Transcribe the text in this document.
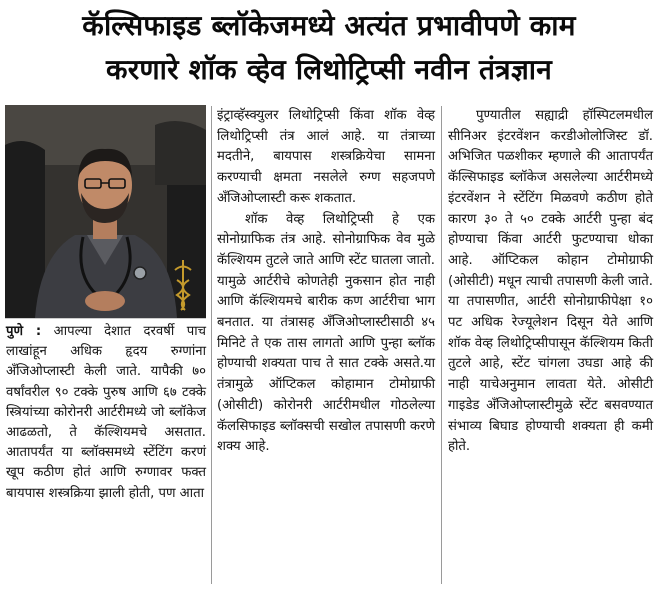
कॅल्सिफाइड ब्लॉकेजमध्ये अत्यंत प्रभावीपणे काम
करणारे शॉक व्हेव लिथोट्रिप्सी नवीन तंत्रज्ञान

पुणे : आपल्या देशात दरवर्षी पाच लाखांहून अधिक हृदय रुग्णांना अँजिओप्लास्टी केली जाते. यापैकी ७० वर्षांवरील ९० टक्के पुरुष आणि ६७ टक्के स्त्रियांच्या कोरोनरी आर्टरीमध्ये जो ब्लॉकेज आढळतो, ते कॅल्शियमचे असतात. आतापर्यंत या ब्लॉक्समध्ये स्टेंटिंग करणं खूप कठीण होतं आणि रुग्णावर फक्त बायपास शस्त्रक्रिया झाली होती, पण आता

इंट्राव्हॅस्क्युलर लिथोट्रिप्सी किंवा शॉक वेव्ह लिथोट्रिप्सी तंत्र आलं आहे. या तंत्राच्या मदतीने, बायपास शस्त्रक्रियेचा सामना करण्याची क्षमता नसलेले रुग्ण सहजपणे अँजिओप्लास्टी करू शकतात.

शॉक वेव्ह लिथोट्रिप्सी हे एक सोनोग्राफिक तंत्र आहे. सोनोग्राफिक वेव मुळे कॅल्शियम तुटले जाते आणि स्टेंट घातला जातो. यामुळे आर्टरीचे कोणतेही नुकसान होत नाही आणि कॅल्शियमचे बारीक कण आर्टरीचा भाग बनतात. या तंत्रासह अँजिओप्लास्टीसाठी ४५ मिनिटे ते एक तास लागतो आणि पुन्हा ब्लॉक होण्याची शक्यता पाच ते सात टक्के असते.या तंत्रामुळे ऑप्टिकल कोहामान टोमोग्राफी (ओसीटी) कोरोनरी आर्टरीमधील गोठलेल्या कॅलसिफाइड ब्लॉक्सची सखोल तपासणी करणे शक्य आहे.

पुण्यातील सह्याद्री हॉस्पिटलमधील सीनिअर इंटरवेंशन करडीओलोजिस्ट डॉ. अभिजित पळशीकर म्हणाले की आतापर्यंत कॅल्सिफाइड ब्लॉकेज असलेल्या आर्टरीमध्ये इंटरवेंशन ने स्टेंटिंग मिळवणे कठीण होते कारण ३० ते ५० टक्के आर्टरी पुन्हा बंद होण्याचा किंवा आर्टरी फुटण्याचा धोका आहे. ऑप्टिकल कोहान टोमोग्राफी (ओसीटी) मधून त्याची तपासणी केली जाते. या तपासणीत, आर्टरी सोनोग्राफीपेक्षा १० पट अधिक रेज्यूलेशन दिसून येते आणि शॉक वेव्ह लिथोट्रिप्सीपासून कॅल्शियम किती तुटले आहे, स्टेंट चांगला उघडा आहे की नाही याचेअनुमान लावता येते. ओसीटी गाइडेड अँजिओप्लास्टीमुळे स्टेंट बसवण्यात संभाव्य बिघाड होण्याची शक्यता ही कमी होते.
